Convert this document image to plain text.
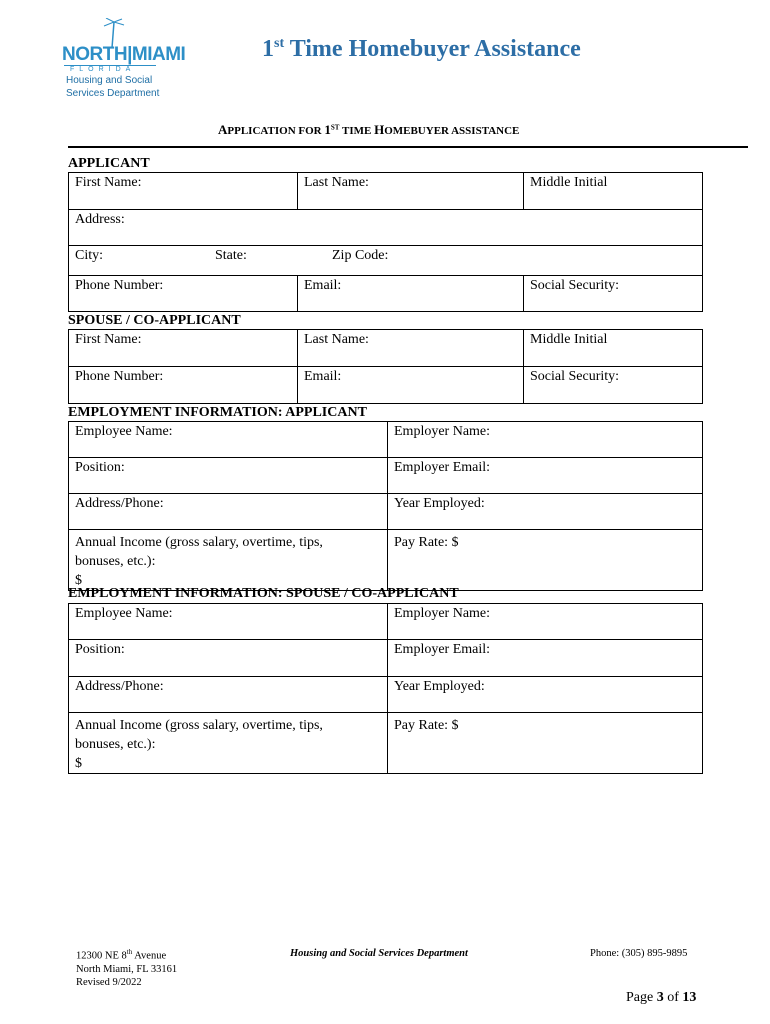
NORTH|MIAMI
FLORIDA
Housing and Social
Services Department
1st Time Homebuyer Assistance
APPLICATION FOR 1ST TIME HOMEBUYER ASSISTANCE
APPLICANT
First Name:	Last Name:	Middle Initial
Address:		
City: State: Zip Code:		

Phone Number:	Email:	Social Security:
SPOUSE / CO-APPLICANT
First Name:	Last Name:	Middle Initial
Phone Number:	Email:	Social Security:
EMPLOYMENT INFORMATION: APPLICANT
Employee Name:	Employer Name:
Position:	Employer Email:
Address/Phone:	Year Employed:

Annual Income (gross salary, overtime, tips,
bonuses, etc.):
$	Pay Rate: $
EMPLOYMENT INFORMATION: SPOUSE / CO-APPLICANT
Employee Name:	Employer Name:
Position:	Employer Email:
Address/Phone:	Year Employed:

Annual Income (gross salary, overtime, tips,
bonuses, etc.):
$	Pay Rate: $
12300 NE 8th Avenue
North Miami, FL 33161
Revised 9/2022
Housing and Social Services Department	Phone: (305) 895-9895
Page 3 of 13
